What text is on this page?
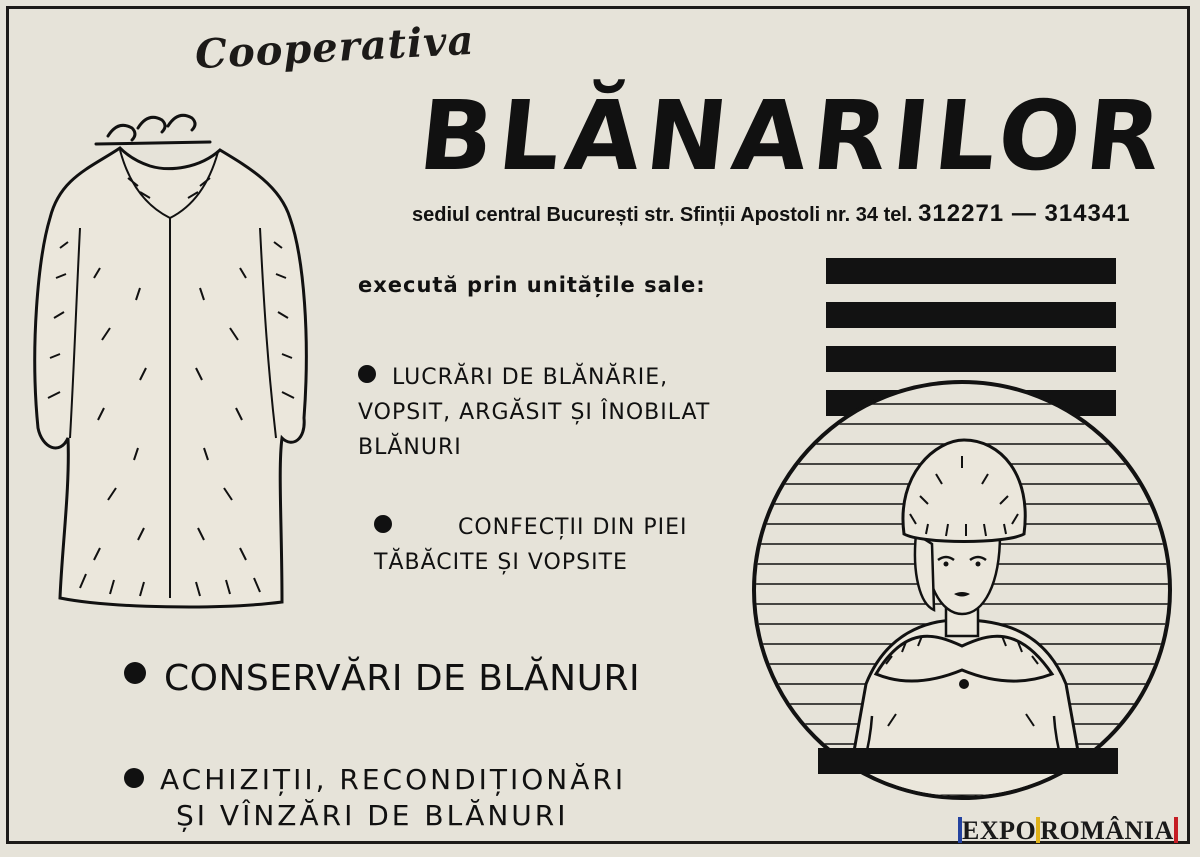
Cooperativa
BLĂNARILOR
sediul central București str. Sfinții Apostoli nr. 34 tel. 312271 — 314341
execută prin unitățile sale:
LUCRĂRI DE BLĂNĂRIE,
VOPSIT, ARGĂSIT ȘI ÎNOBILAT
BLĂNURI
CONFECȚII DIN PIEI
TĂBĂCITE ȘI VOPSITE
CONSERVĂRI DE BLĂNURI
ACHIZIȚII, RECONDIȚIONĂRI
ȘI VÎNZĂRI DE BLĂNURI	EXPO ROMÂNIA
